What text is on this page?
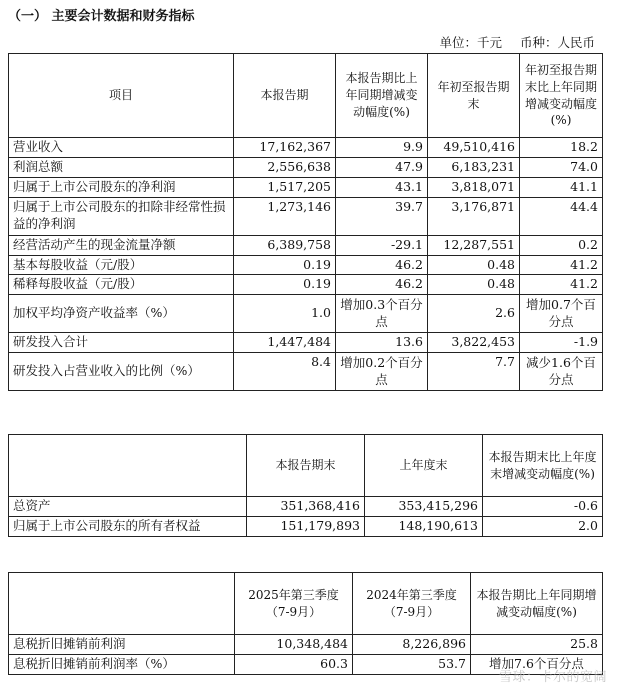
（一） 主要会计数据和财务指标
单位：千元 币种：人民币
项目	本报告期	本报告期比上年同期增减变动幅度(%)	年初至报告期末	年初至报告期末比上年同期增减变动幅度(%)
营业收入	17,162,367	9.9	49,510,416	18.2
利润总额	2,556,638	47.9	6,183,231	74.0
归属于上市公司股东的净利润	1,517,205	43.1	3,818,071	41.1
归属于上市公司股东的扣除非经常性损益的净利润	1,273,146	39.7	3,176,871	44.4
经营活动产生的现金流量净额	6,389,758	-29.1	12,287,551	0.2
基本每股收益（元/股）	0.19	46.2	0.48	41.2
稀释每股收益（元/股）	0.19	46.2	0.48	41.2
加权平均净资产收益率（%）	1.0	增加0.3个百分点	2.6	增加0.7个百分点
研发投入合计	1,447,484	13.6	3,822,453	-1.9
研发投入占营业收入的比例（%）	8.4	增加0.2个百分点	7.7	减少1.6个百分点
	本报告期末	上年度末	本报告期末比上年度末增减变动幅度(%)
总资产	351,368,416	353,415,296	-0.6
归属于上市公司股东的所有者权益	151,179,893	148,190,613	2.0
	2025年第三季度（7-9月）	2024年第三季度（7-9月）	本报告期比上年同期增减变动幅度(%)
息税折旧摊销前利润	10,348,484	8,226,896	25.8
息税折旧摊销前利润率（%）	60.3	53.7	增加7.6个百分点
雪球：卡尔的宽阔
